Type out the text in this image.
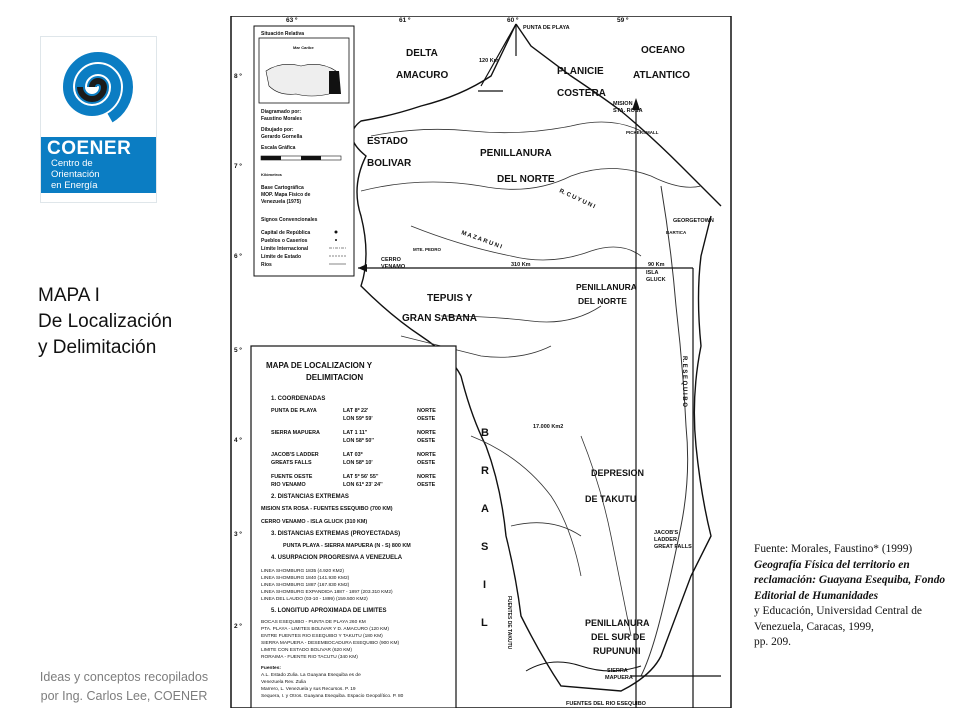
COENER
Centro de
Orientación
en Energía
MAPA I
De Localización
y Delimitación
Ideas y conceptos recopilados
por Ing. Carlos Lee, COENER
63 º	61 º	60 º	59 º
8 º
7 º
6 º
5 º
4 º
3 º
2 º
Situación Relativa
Mar Caribe
Diagramado por:
Faustino Morales
Dibujado por:
Gerardo Gornella
Escala Gráfica
Kilómetros
Base Cartográfica
MOP. Mapa Físico de
Venezuela (1975)
Signos Convencionales
Capital de República
Pueblos o Caseríos
Límite Internacional
Límite de Estado
Ríos
DELTA
AMACURO
OCEANO
ATLANTICO
PLANICIE
COSTERA
ESTADO
BOLIVAR
PENILLANURA
DEL NORTE
PENILLANURA
DEL NORTE
TEPUIS Y
GRAN SABANA
DEPRESION
DE TAKUTU
PENILLANURA
DEL SUR DE
RUPUNUNI
B
R
A
S
I
L
PUNTA DE PLAYA
120 Km
MISION
STA. ROSA
GEORGETOWN
ISLA
GLUCK
310 Km	90 Km
CERRO
VENAMO
17.000 Km2
JACOB'S
LADDER
GREAT FALLS
SIERRA
MAPUERA
FUENTES DEL RIO ESEQUIBO
PICKERSMALL
BARTICA
MTE. PEDRO
R. C U Y U N I
M A Z A R U N I
R. E S E Q U I B O
FUENTES DE TAKUTU
MAPA DE LOCALIZACION Y
DELIMITACION
1. COORDENADAS
PUNTA DE PLAYA	LAT 8º 22'	NORTE
LON 59º 59'	OESTE
SIERRA MAPUERA	LAT 1 11''	NORTE
LON 58º 50''	OESTE
JACOB'S LADDER	LAT 03º	NORTE
GREATS FALLS	LON 58º 10'	OESTE
FUENTE OESTE	LAT 5º 56' 55''	NORTE
RIO VENAMO	LON 61º 23' 24''	OESTE
2. DISTANCIAS EXTREMAS
MISION STA ROSA - FUENTES ESEQUIBO (700 KM)
CERRO VENAMO - ISLA GLUCK (310 KM)
3. DISTANCIAS EXTREMAS (PROYECTADAS)
PUNTA PLAYA - SIERRA MAPUERA (N - S) 800 KM
4. USURPACION PROGRESIVA A VENEZUELA
LINEA SHOMBURG 1835 (4.920 KM2)
LINEA SHOMBURG 1840 (141.930 KM2)
LINEA SHOMBURG 1887 (167.830 KM2)
LINEA SHOMBURG EXPANDIDA 1887 - 1897 (203.310 KM2)
LINEA DEL LAUDO (03-10 - 1899) (159.500 KM2)
5. LONGITUD APROXIMADA DE LIMITES
BOCAS ESEQUIBO - PUNTA DE PLAYA 260 KM
PTA. PLAYA - LIMITES BOLIVAR Y D. AMACURO (120 KM)
ENTRE FUENTES RIO ESEQUIBO Y TAKUTU (180 KM)
SIERRA MAPUERA - DESEMBOCADURA ESEQUIBO (900 KM)
LIMITE CON ESTADO BOLIVAR (620 KM)
RORAIMA - FUENTE RIO TACUTU (340 KM)
Fuentes:
A.L. Estado Zulia. La Guayana Esequiba es de
Venezuela Rev. Zulia
Marrero, L. Venezuela y sus Recursos. P. 19
Sequera, I. y Otros. Guayana Esequiba. Espacio Geopolítico. P. 80
Fuente: Morales, Faustino* (1999) Geografía Física del territorio en reclamación: Guayana Esequiba, Fondo Editorial de Humanidades
y Educación, Universidad Central de Venezuela, Caracas, 1999,
pp. 209.
